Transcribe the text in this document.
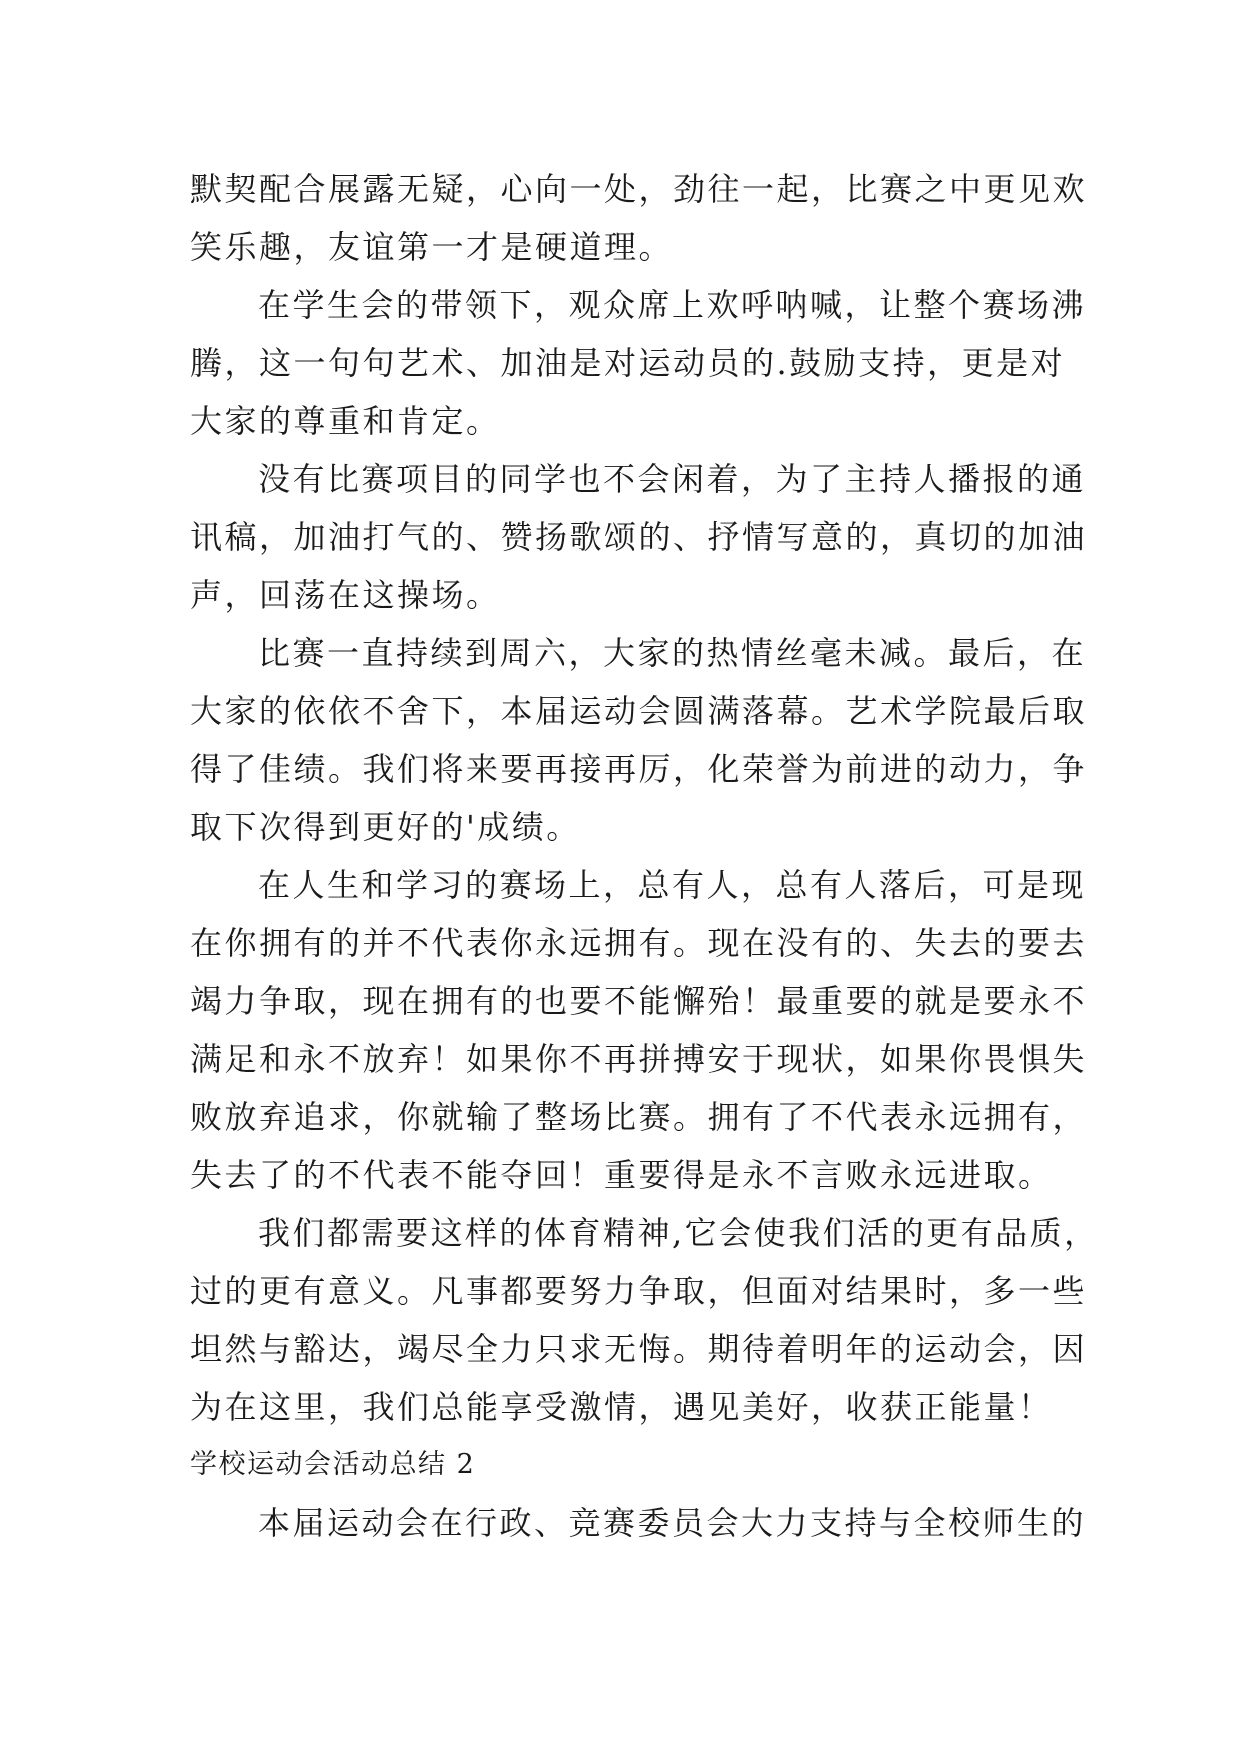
默契配合展露无疑，心向一处，劲往一起，比赛之中更见欢
笑乐趣，友谊第一才是硬道理。
在学生会的带领下，观众席上欢呼呐喊，让整个赛场沸
腾，这一句句艺术、加油是对运动员的.鼓励支持，更是对
大家的尊重和肯定。
没有比赛项目的同学也不会闲着，为了主持人播报的通
讯稿，加油打气的、赞扬歌颂的、抒情写意的，真切的加油
声，回荡在这操场。
比赛一直持续到周六，大家的热情丝毫未减。最后，在
大家的依依不舍下，本届运动会圆满落幕。艺术学院最后取
得了佳绩。我们将来要再接再厉，化荣誉为前进的动力，争
取下次得到更好的'成绩。
在人生和学习的赛场上，总有人，总有人落后，可是现
在你拥有的并不代表你永远拥有。现在没有的、失去的要去
竭力争取，现在拥有的也要不能懈殆！最重要的就是要永不
满足和永不放弃！如果你不再拼搏安于现状，如果你畏惧失
败放弃追求，你就输了整场比赛。拥有了不代表永远拥有，
失去了的不代表不能夺回！重要得是永不言败永远进取。
我们都需要这样的体育精神,它会使我们活的更有品质，
过的更有意义。凡事都要努力争取，但面对结果时，多一些
坦然与豁达，竭尽全力只求无悔。期待着明年的运动会，因
为在这里，我们总能享受激情，遇见美好，收获正能量！
学校运动会活动总结 2
本届运动会在行政、竞赛委员会大力支持与全校师生的
